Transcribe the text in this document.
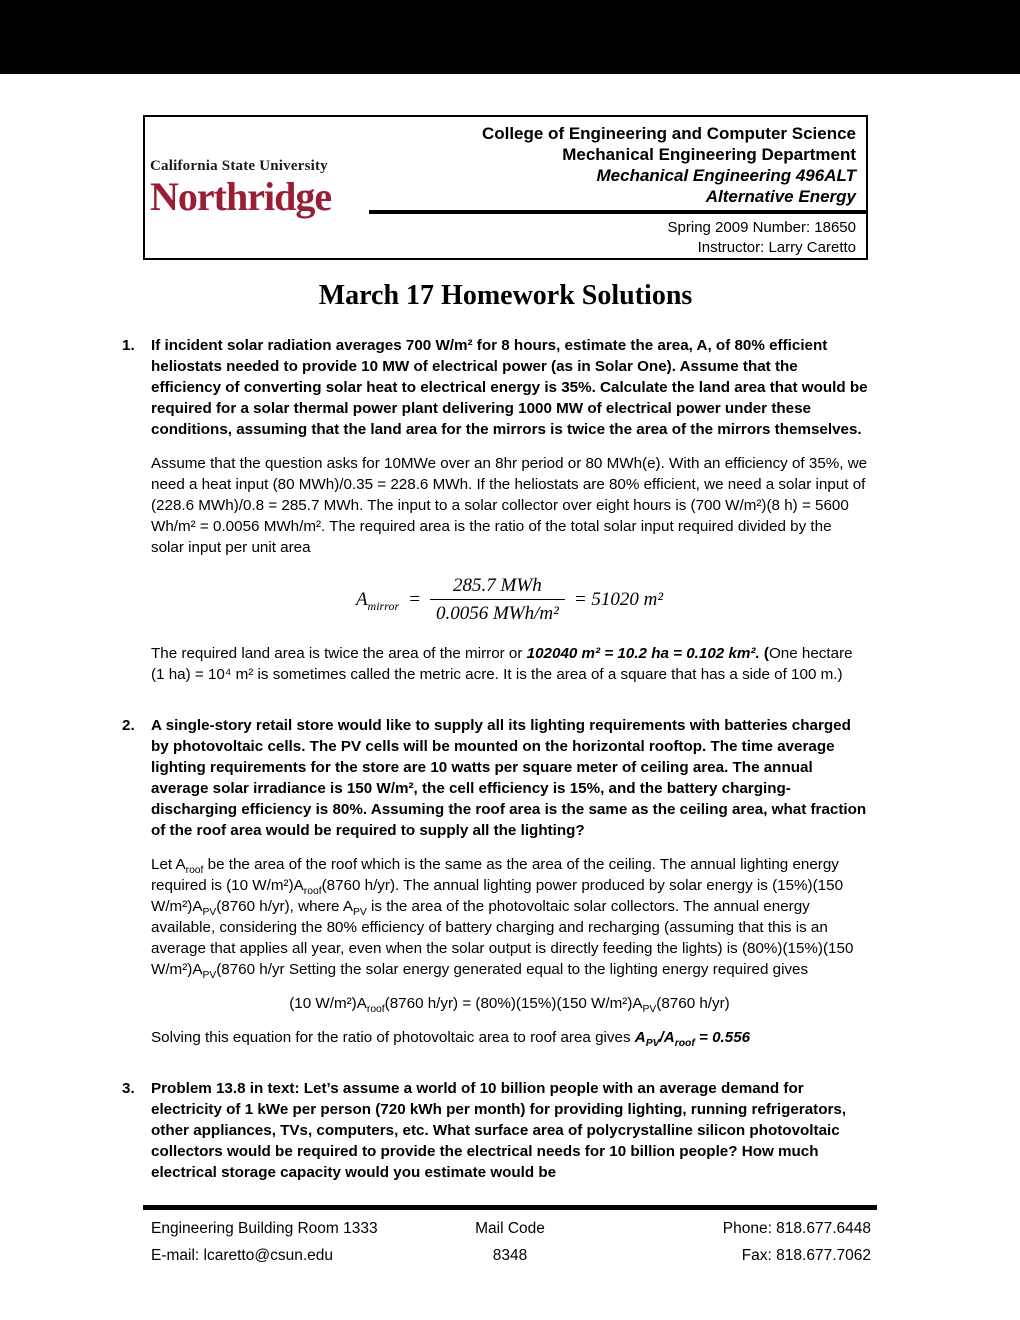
California State University
Northridge
College of Engineering and Computer Science
Mechanical Engineering Department
Mechanical Engineering 496ALT
Alternative Energy
Spring 2009 Number: 18650
Instructor: Larry Caretto
March 17 Homework Solutions
1.	If incident solar radiation averages 700 W/m² for 8 hours, estimate the area, A, of 80% efficient heliostats needed to provide 10 MW of electrical power (as in Solar One). Assume that the efficiency of converting solar heat to electrical energy is 35%. Calculate the land area that would be required for a solar thermal power plant delivering 1000 MW of electrical power under these conditions, assuming that the land area for the mirrors is twice the area of the mirrors themselves.

Assume that the question asks for 10MWe over an 8hr period or 80 MWh(e). With an efficiency of 35%, we need a heat input (80 MWh)/0.35 = 228.6 MWh. If the heliostats are 80% efficient, we need a solar input of (228.6 MWh)/0.8 = 285.7 MWh. The input to a solar collector over eight hours is (700 W/m²)(8 h) = 5600 Wh/m² = 0.0056 MWh/m². The required area is the ratio of the total solar input required divided by the solar input per unit area

$A_{mirror} = \frac{\text{285.7 MWh}}{\text{0.0056 MWh/m²}} = 51020$ m²

The required land area is twice the area of the mirror or 102040 m² = 10.2 ha = 0.102 km². (One hectare (1 ha) = 10⁴ m² is sometimes called the metric acre. It is the area of a square that has a side of 100 m.)

2.	A single-story retail store would like to supply all its lighting requirements with batteries charged by photovoltaic cells. The PV cells will be mounted on the horizontal rooftop. The time average lighting requirements for the store are 10 watts per square meter of ceiling area. The annual average solar irradiance is 150 W/m², the cell efficiency is 15%, and the battery charging-discharging efficiency is 80%. Assuming the roof area is the same as the ceiling area, what fraction of the roof area would be required to supply all the lighting?

Let $A_{roof}$ be the area of the roof which is the same as the area of the ceiling. The annual lighting energy required is (10 $W/m^2)A_{roof}(8760$ h/yr). The annual lighting power produced by solar energy is (15%)(150 $W/m^2)A_{PV}(8760$ h/yr), where $A_{PV}$ is the area of the photovoltaic solar collectors. The annual energy available, considering the 80% efficiency of battery charging and recharging (assuming that this is an average that applies all year, even when the solar output is directly feeding the lights) is (80%)(15%)(150 $W/m^2)A_{PV}(8760$ h/yr Setting the solar energy generated equal to the lighting energy required gives

(10 $W/m^2)A_{roof}(8760$ h/yr) = (80%)(15%)(150 $W/m^2)A_{PV}(8760$ h/yr)

Solving this equation for the ratio of photovoltaic area to roof area gives $A_{PV}/A_{roof} = 0.556$

3.	Problem 13.8 in text: Let’s assume a world of 10 billion people with an average demand for electricity of 1 kWe per person (720 kWh per month) for providing lighting, running refrigerators, other appliances, TVs, computers, etc. What surface area of polycrystalline silicon photovoltaic collectors would be required to provide the electrical needs for 10 billion people? How much electrical storage capacity would you estimate would be
Engineering Building Room 1333	Mail Code	Phone: 818.677.6448
E-mail: lcaretto@csun.edu	8348	Fax: 818.677.7062
